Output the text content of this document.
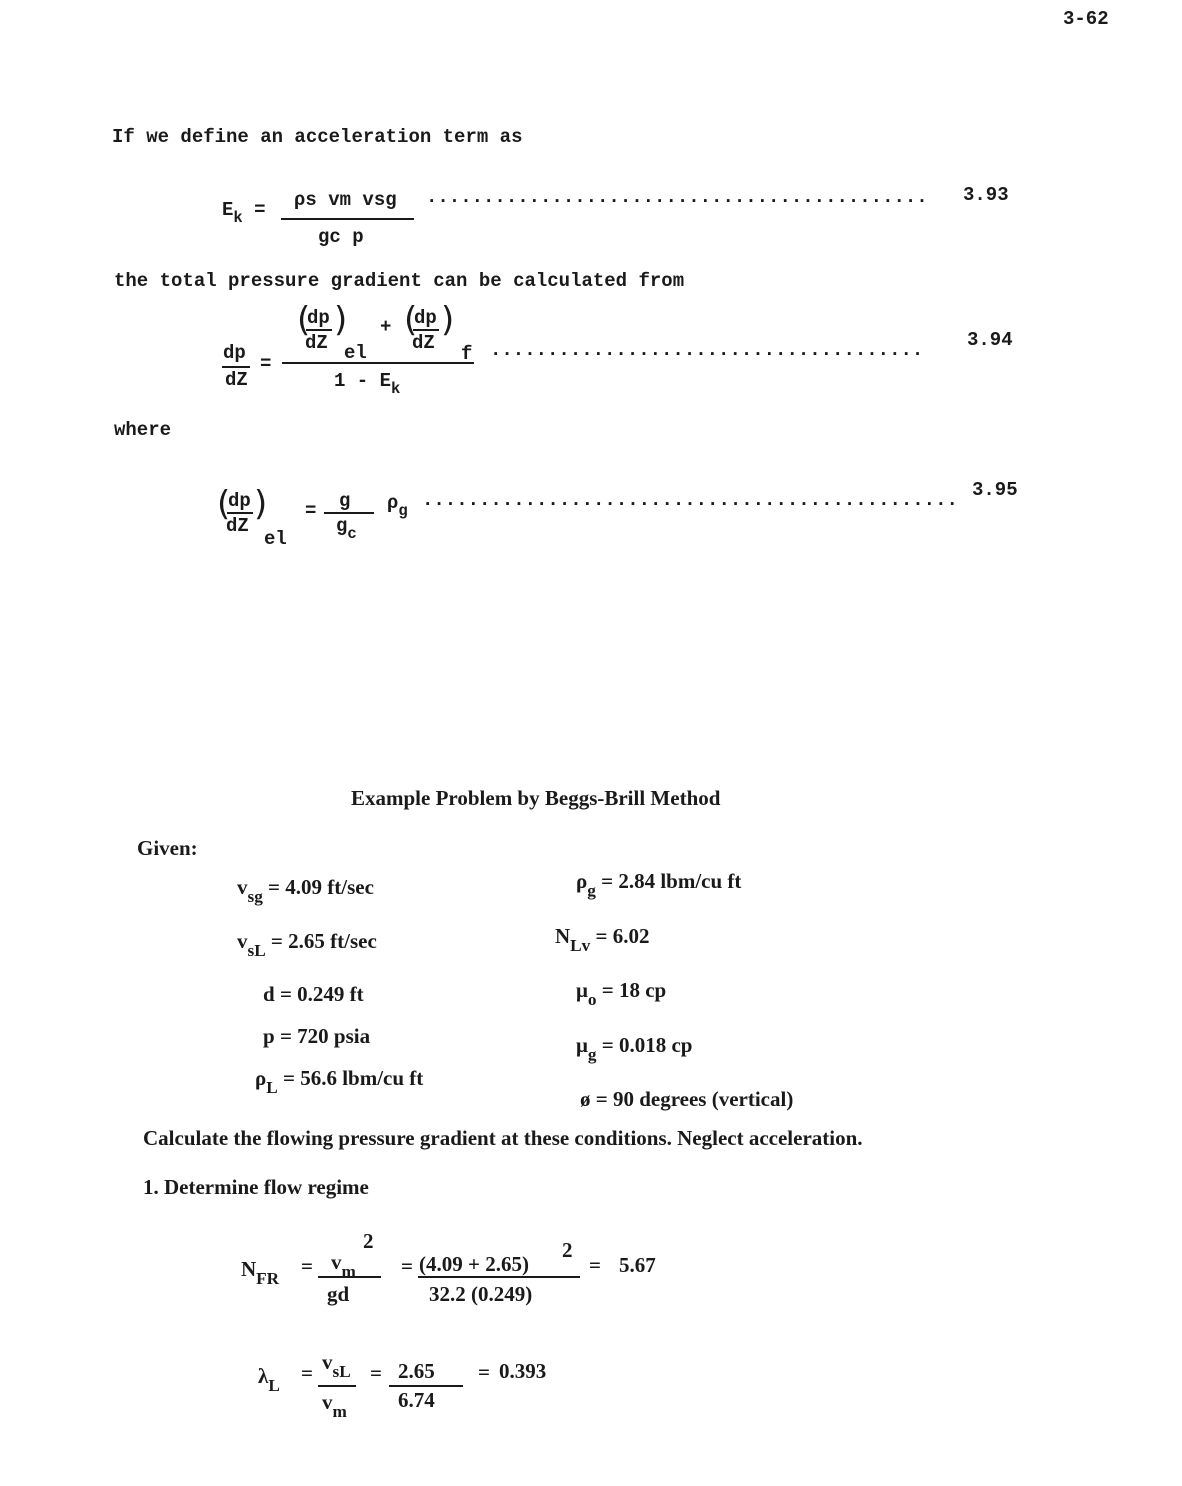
3-62
If we define an acceleration term as
$E_k = \rho s$ vm vsg
gc p
............................................ 3.93
the total pressure gradient can be calculated from
dp
dZ
=
(
dp
dZ
)
el
+ (
dp
dZ
)
f
$1 - E_k$
...................................... 3.94
where
(
dp
dZ
)
el
= g
$g_c$
$\rho_g$ ............................................... 3.95
Example Problem by Beggs-Brill Method
Given:
$v_{sg} = 4.09$ ft/sec
$v_{sL} = 2.65$ ft/sec
d = 0.249 ft
p = 720 psia
$\rho_L = 56.6$ lbm/cu ft
$\rho_g = 2.84$ lbm/cu ft
$N_{Lv} = 6.02$
$\mu_o = 18$ cp
$\mu_g = 0.018$ cp
ø = 90 degrees (vertical)
Calculate the flowing pressure gradient at these conditions. Neglect acceleration.
1. Determine flow regime
$N_{FR}$
=
2
$v_m$
gd
= (4.09 + 2.65)
2
32.2 (0.249)
= 5.67
$\lambda_L$
= $v_{sL}$
$v_m$
= 2.65
6.74
= 0.393
